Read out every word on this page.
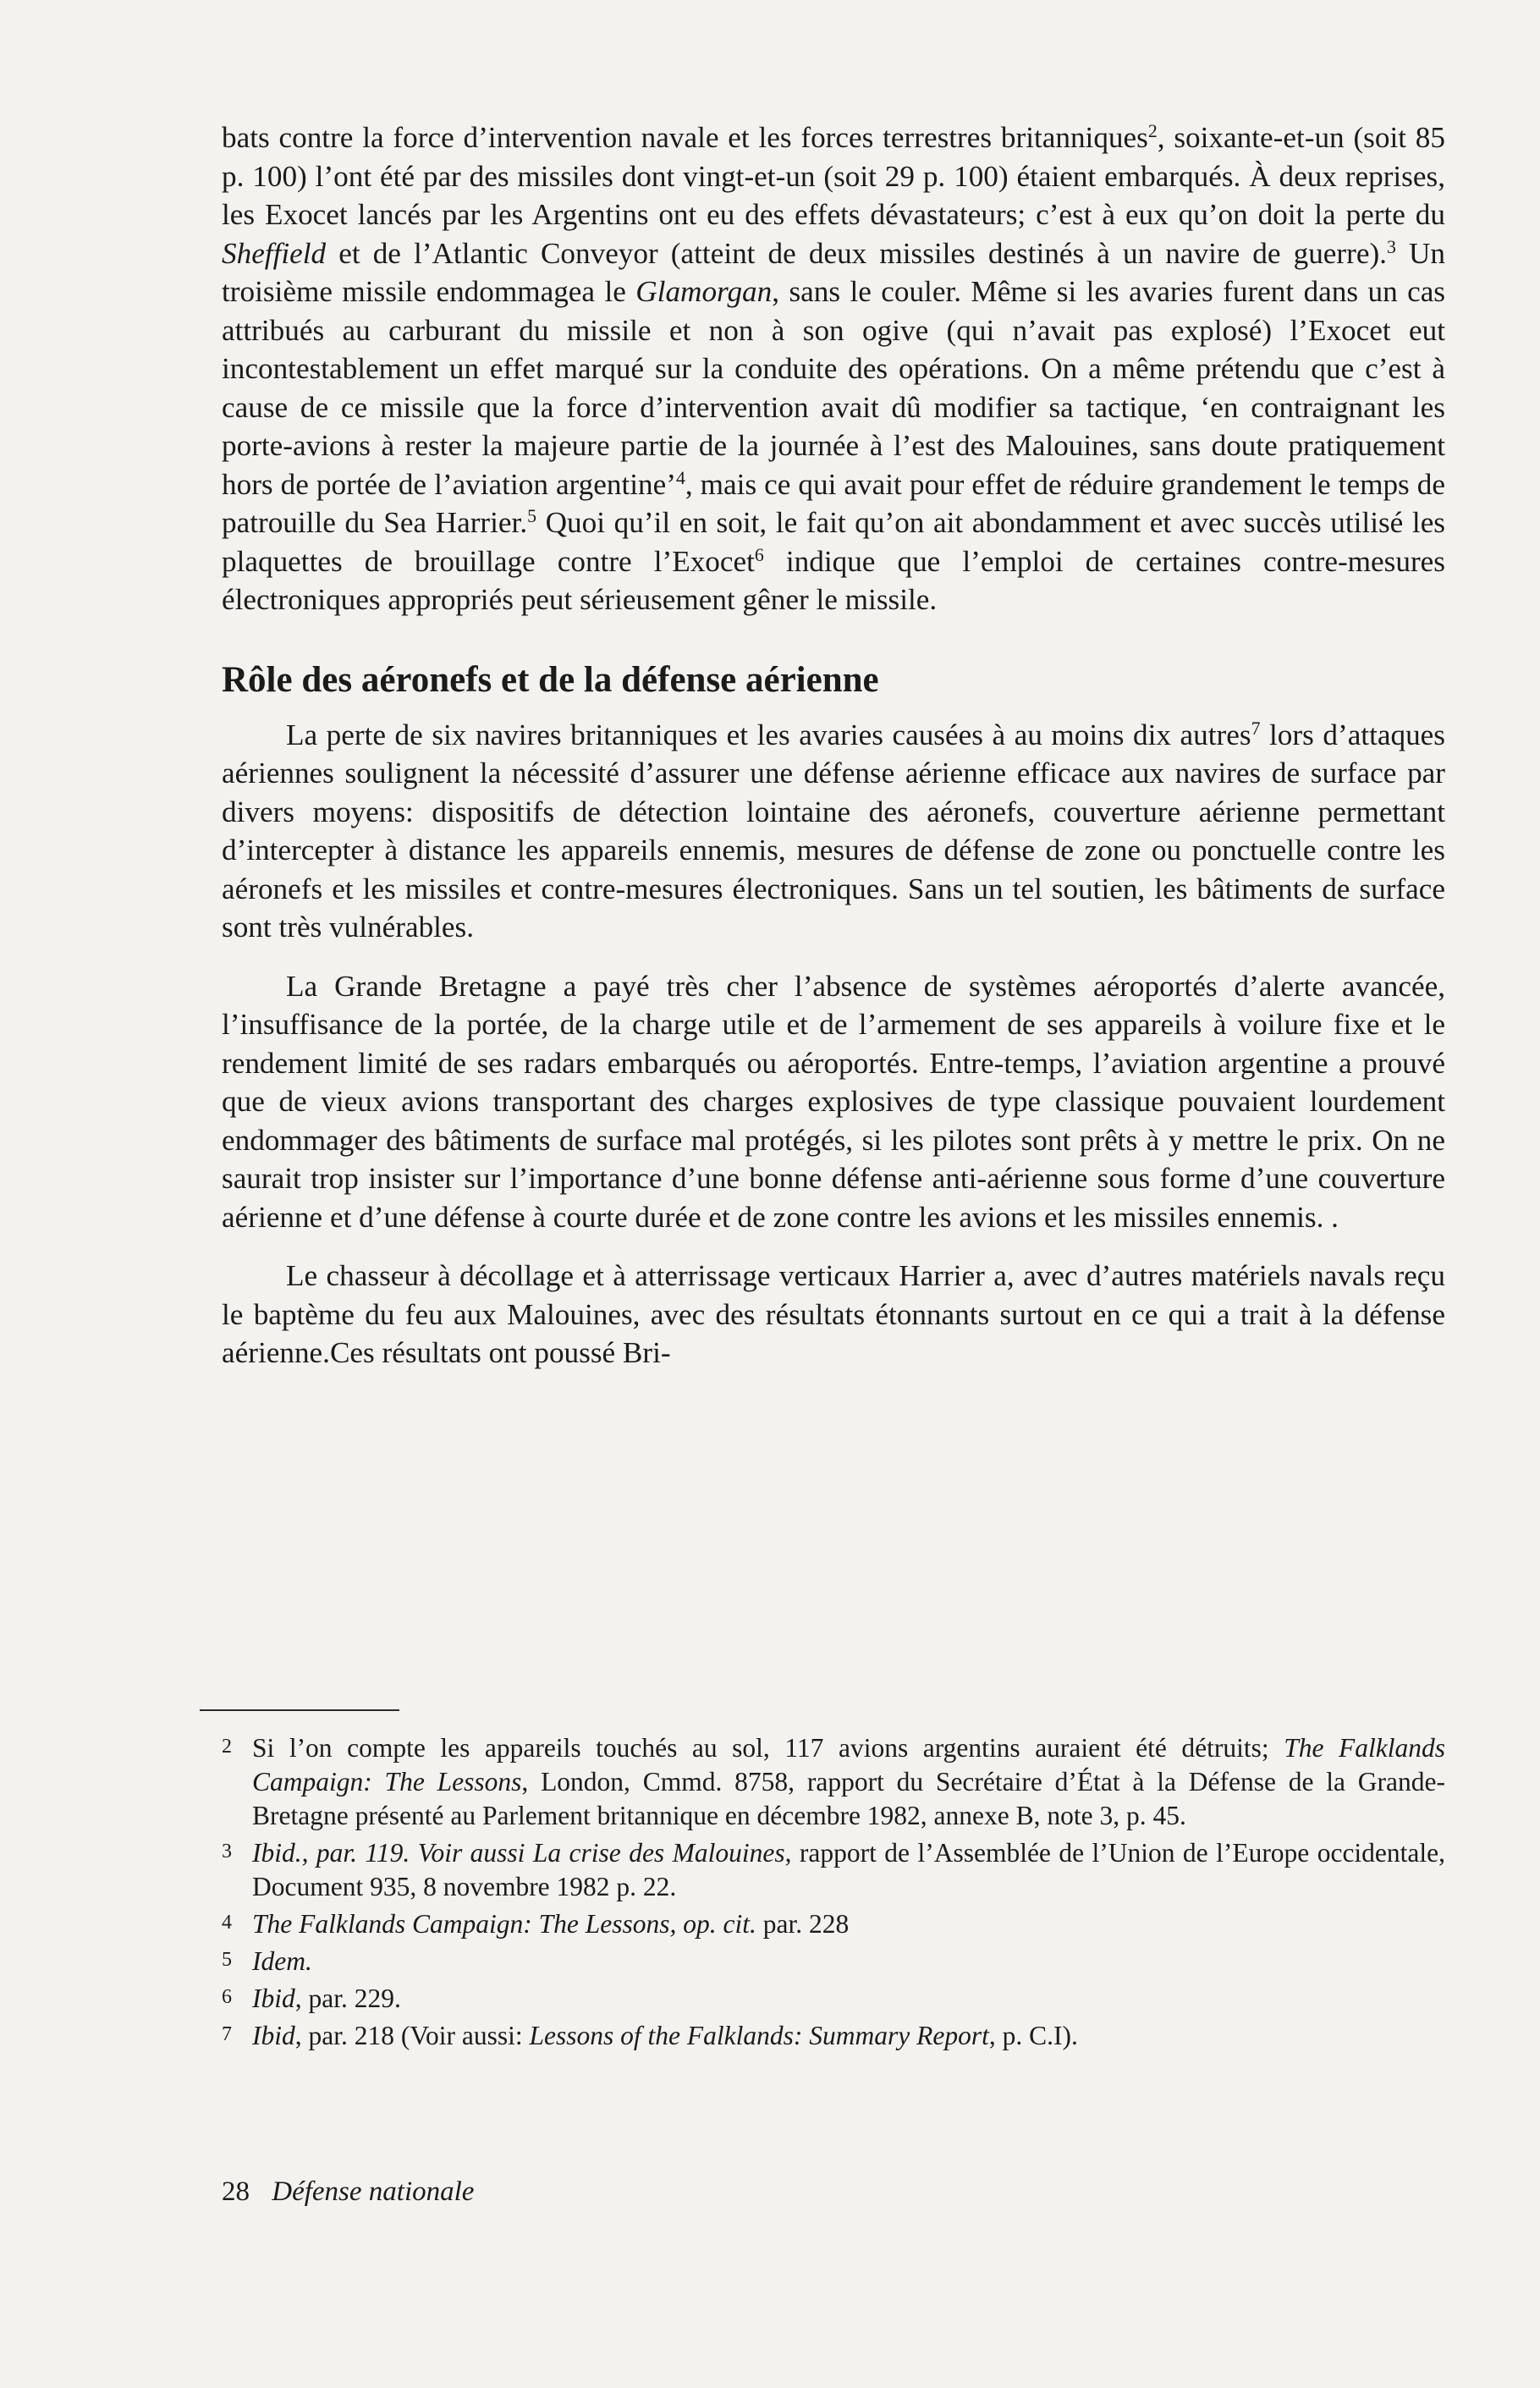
bats contre la force d’intervention navale et les forces terrestres britanniques$^2$, soixante-et-un (soit 85 p. 100) l’ont été par des missiles dont vingt-et-un (soit 29 p. 100) étaient embarqués. À deux reprises, les Exocet lancés par les Argentins ont eu des effets dévastateurs; c’est à eux qu’on doit la perte du Sheffield et de l’Atlantic Conveyor (atteint de deux missiles destinés à un navire de guerre).$^3$ Un troisième missile endommagea le Glamorgan, sans le couler. Même si les avaries furent dans un cas attribués au carburant du missile et non à son ogive (qui n’avait pas explosé) l’Exocet eut incontestablement un effet marqué sur la conduite des opérations. On a même prétendu que c’est à cause de ce missile que la force d’intervention avait dû modifier sa tactique, ‘en contraignant les porte-avions à rester la majeure partie de la journée à l’est des Malouines, sans doute pratiquement hors de portée de l’aviation argentine’$^4$, mais ce qui avait pour effet de réduire grandement le temps de patrouille du Sea Harrier.$^5$ Quoi qu’il en soit, le fait qu’on ait abondamment et avec succès utilisé les plaquettes de brouillage contre l’Exocet$^6$ indique que l’emploi de certaines contre-mesures électroniques appropriés peut sérieusement gêner le missile.

Rôle des aéronefs et de la défense aérienne

La perte de six navires britanniques et les avaries causées à au moins dix autres$^7$ lors d’attaques aériennes soulignent la nécessité d’assurer une défense aérienne efficace aux navires de surface par divers moyens: dispositifs de détection lointaine des aéronefs, couverture aérienne permettant d’intercepter à distance les appareils ennemis, mesures de défense de zone ou ponctuelle contre les aéronefs et les missiles et contre-mesures électroniques. Sans un tel soutien, les bâtiments de surface sont très vulnérables.

La Grande Bretagne a payé très cher l’absence de systèmes aéroportés d’alerte avancée, l’insuffisance de la portée, de la charge utile et de l’armement de ses appareils à voilure fixe et le rendement limité de ses radars embarqués ou aéroportés. Entre-temps, l’aviation argentine a prouvé que de vieux avions transportant des charges explosives de type classique pouvaient lourdement endommager des bâtiments de surface mal protégés, si les pilotes sont prêts à y mettre le prix. On ne saurait trop insister sur l’importance d’une bonne défense anti-aérienne sous forme d’une couverture aérienne et d’une défense à courte durée et de zone contre les avions et les missiles ennemis. .

Le chasseur à décollage et à atterrissage verticaux Harrier a, avec d’autres matériels navals reçu le baptème du feu aux Malouines, avec des résultats étonnants surtout en ce qui a trait à la défense aérienne.Ces résultats ont poussé Bri-

2 Si l’on compte les appareils touchés au sol, 117 avions argentins auraient été détruits; The Falklands Campaign: The Lessons, London, Cmmd. 8758, rapport du Secrétaire d’État à la Défense de la Grande-Bretagne présenté au Parlement britannique en décembre 1982, annexe B, note 3, p. 45.
3 Ibid., par. 119. Voir aussi La crise des Malouines, rapport de l’Assemblée de l’Union de l’Europe occidentale, Document 935, 8 novembre 1982 p. 22.
4 The Falklands Campaign: The Lessons, op. cit. par. 228
5 Idem.
6 Ibid, par. 229.
7 Ibid, par. 218 (Voir aussi: Lessons of the Falklands: Summary Report, p. C.I).
28 Défense nationale
